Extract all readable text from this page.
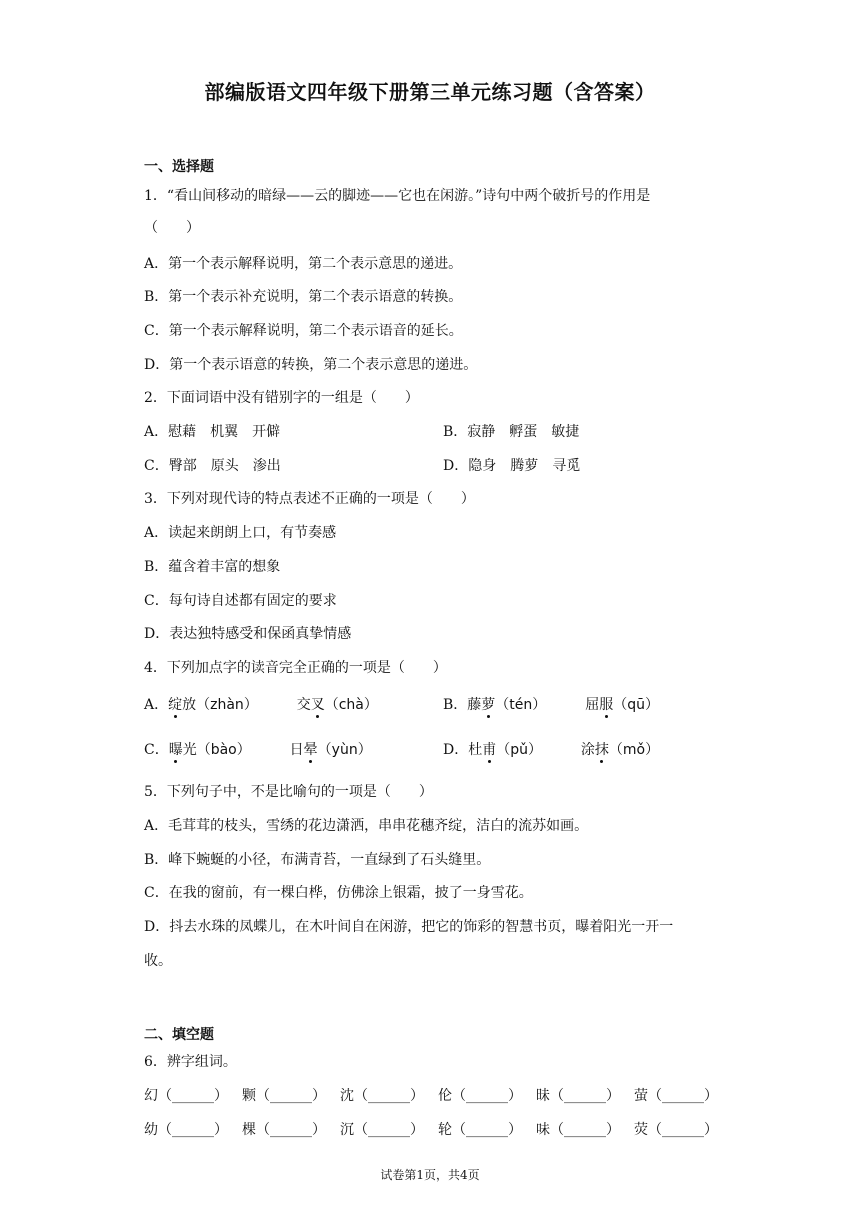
部编版语文四年级下册第三单元练习题（含答案）
一、选择题
1．“看山间移动的暗绿——云的脚迹——它也在闲游。”诗句中两个破折号的作用是
（　　）
A．第一个表示解释说明，第二个表示意思的递进。
B．第一个表示补充说明，第二个表示语意的转换。
C．第一个表示解释说明，第二个表示语音的延长。
D．第一个表示语意的转换，第二个表示意思的递进。
2．下面词语中没有错别字的一组是（　　）
A．慰藉　机翼　开僻	B．寂静　孵蛋　敏捷
C．臀部　原头　渗出	D．隐身　腾萝　寻觅
3．下列对现代诗的特点表述不正确的一项是（　　）
A．读起来朗朗上口，有节奏感
B．蕴含着丰富的想象
C．每句诗自述都有固定的要求
D．表达独特感受和保函真挚情感
4．下列加点字的读音完全正确的一项是（　　）
A．绽放（zhàn）	交叉（chà）	B．藤萝（tén）	屈服（qū）
C．曝光（bào）	日晕（yùn）	D．杜甫（pǔ）	涂抹（mǒ）
5．下列句子中，不是比喻句的一项是（　　）
A．毛茸茸的枝头，雪绣的花边潇洒，串串花穗齐绽，洁白的流苏如画。
B．峰下蜿蜒的小径，布满青苔，一直绿到了石头缝里。
C．在我的窗前，有一棵白桦，仿佛涂上银霜，披了一身雪花。
D．抖去水珠的凤蝶儿，在木叶间自在闲游，把它的饰彩的智慧书页，曝着阳光一开一
收。
二、填空题
6．辨字组词。
幻（______） 颗（______） 沈（______） 伦（______） 昧（______） 萤（______）
幼（______） 棵（______） 沉（______） 轮（______） 味（______） 荧（______）
试卷第1页，共4页
